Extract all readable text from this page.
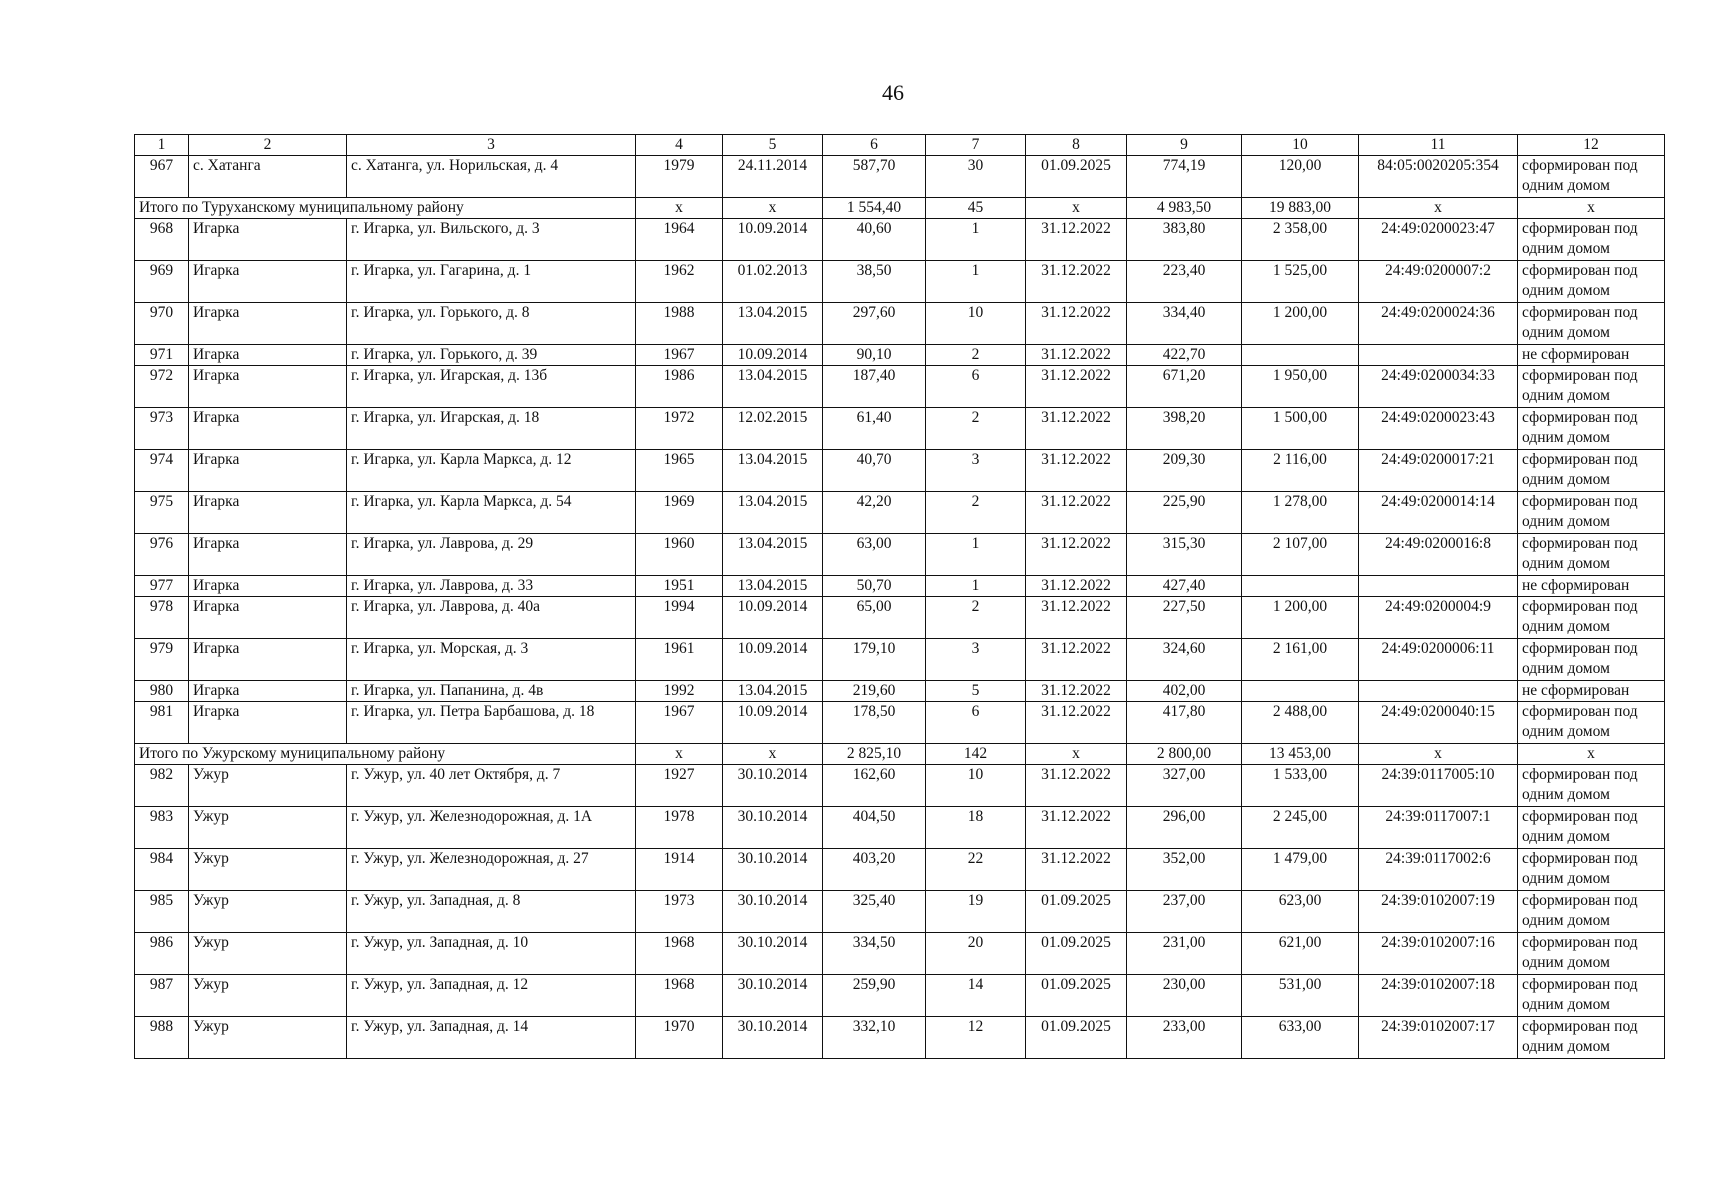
46
1	2	3	4	5	6	7	8	9	10	11	12
967	с. Хатанга	с. Хатанга, ул. Норильская, д. 4	1979	24.11.2014	587,70	30	01.09.2025	774,19	120,00	84:05:0020205:354	сформирован под одним домом
Итого по Туруханскому муниципальному району			x	x	1 554,40	45	x	4 983,50	19 883,00	x	x
968	Игарка	г. Игарка, ул. Вильского, д. 3	1964	10.09.2014	40,60	1	31.12.2022	383,80	2 358,00	24:49:0200023:47	сформирован под одним домом
969	Игарка	г. Игарка, ул. Гагарина, д. 1	1962	01.02.2013	38,50	1	31.12.2022	223,40	1 525,00	24:49:0200007:2	сформирован под одним домом
970	Игарка	г. Игарка, ул. Горького, д. 8	1988	13.04.2015	297,60	10	31.12.2022	334,40	1 200,00	24:49:0200024:36	сформирован под одним домом
971	Игарка	г. Игарка, ул. Горького, д. 39	1967	10.09.2014	90,10	2	31.12.2022	422,70			не сформирован
972	Игарка	г. Игарка, ул. Игарская, д. 13б	1986	13.04.2015	187,40	6	31.12.2022	671,20	1 950,00	24:49:0200034:33	сформирован под одним домом
973	Игарка	г. Игарка, ул. Игарская, д. 18	1972	12.02.2015	61,40	2	31.12.2022	398,20	1 500,00	24:49:0200023:43	сформирован под одним домом
974	Игарка	г. Игарка, ул. Карла Маркса, д. 12	1965	13.04.2015	40,70	3	31.12.2022	209,30	2 116,00	24:49:0200017:21	сформирован под одним домом
975	Игарка	г. Игарка, ул. Карла Маркса, д. 54	1969	13.04.2015	42,20	2	31.12.2022	225,90	1 278,00	24:49:0200014:14	сформирован под одним домом
976	Игарка	г. Игарка, ул. Лаврова, д. 29	1960	13.04.2015	63,00	1	31.12.2022	315,30	2 107,00	24:49:0200016:8	сформирован под одним домом
977	Игарка	г. Игарка, ул. Лаврова, д. 33	1951	13.04.2015	50,70	1	31.12.2022	427,40			не сформирован
978	Игарка	г. Игарка, ул. Лаврова, д. 40а	1994	10.09.2014	65,00	2	31.12.2022	227,50	1 200,00	24:49:0200004:9	сформирован под одним домом
979	Игарка	г. Игарка, ул. Морская, д. 3	1961	10.09.2014	179,10	3	31.12.2022	324,60	2 161,00	24:49:0200006:11	сформирован под одним домом
980	Игарка	г. Игарка, ул. Папанина, д. 4в	1992	13.04.2015	219,60	5	31.12.2022	402,00			не сформирован
981	Игарка	г. Игарка, ул. Петра Барбашова, д. 18	1967	10.09.2014	178,50	6	31.12.2022	417,80	2 488,00	24:49:0200040:15	сформирован под одним домом
Итого по Ужурскому муниципальному району			x	x	2 825,10	142	x	2 800,00	13 453,00	x	x
982	Ужур	г. Ужур, ул. 40 лет Октября, д. 7	1927	30.10.2014	162,60	10	31.12.2022	327,00	1 533,00	24:39:0117005:10	сформирован под одним домом
983	Ужур	г. Ужур, ул. Железнодорожная, д. 1А	1978	30.10.2014	404,50	18	31.12.2022	296,00	2 245,00	24:39:0117007:1	сформирован под одним домом
984	Ужур	г. Ужур, ул. Железнодорожная, д. 27	1914	30.10.2014	403,20	22	31.12.2022	352,00	1 479,00	24:39:0117002:6	сформирован под одним домом
985	Ужур	г. Ужур, ул. Западная, д. 8	1973	30.10.2014	325,40	19	01.09.2025	237,00	623,00	24:39:0102007:19	сформирован под одним домом
986	Ужур	г. Ужур, ул. Западная, д. 10	1968	30.10.2014	334,50	20	01.09.2025	231,00	621,00	24:39:0102007:16	сформирован под одним домом
987	Ужур	г. Ужур, ул. Западная, д. 12	1968	30.10.2014	259,90	14	01.09.2025	230,00	531,00	24:39:0102007:18	сформирован под одним домом
988	Ужур	г. Ужур, ул. Западная, д. 14	1970	30.10.2014	332,10	12	01.09.2025	233,00	633,00	24:39:0102007:17	сформирован под одним домом
